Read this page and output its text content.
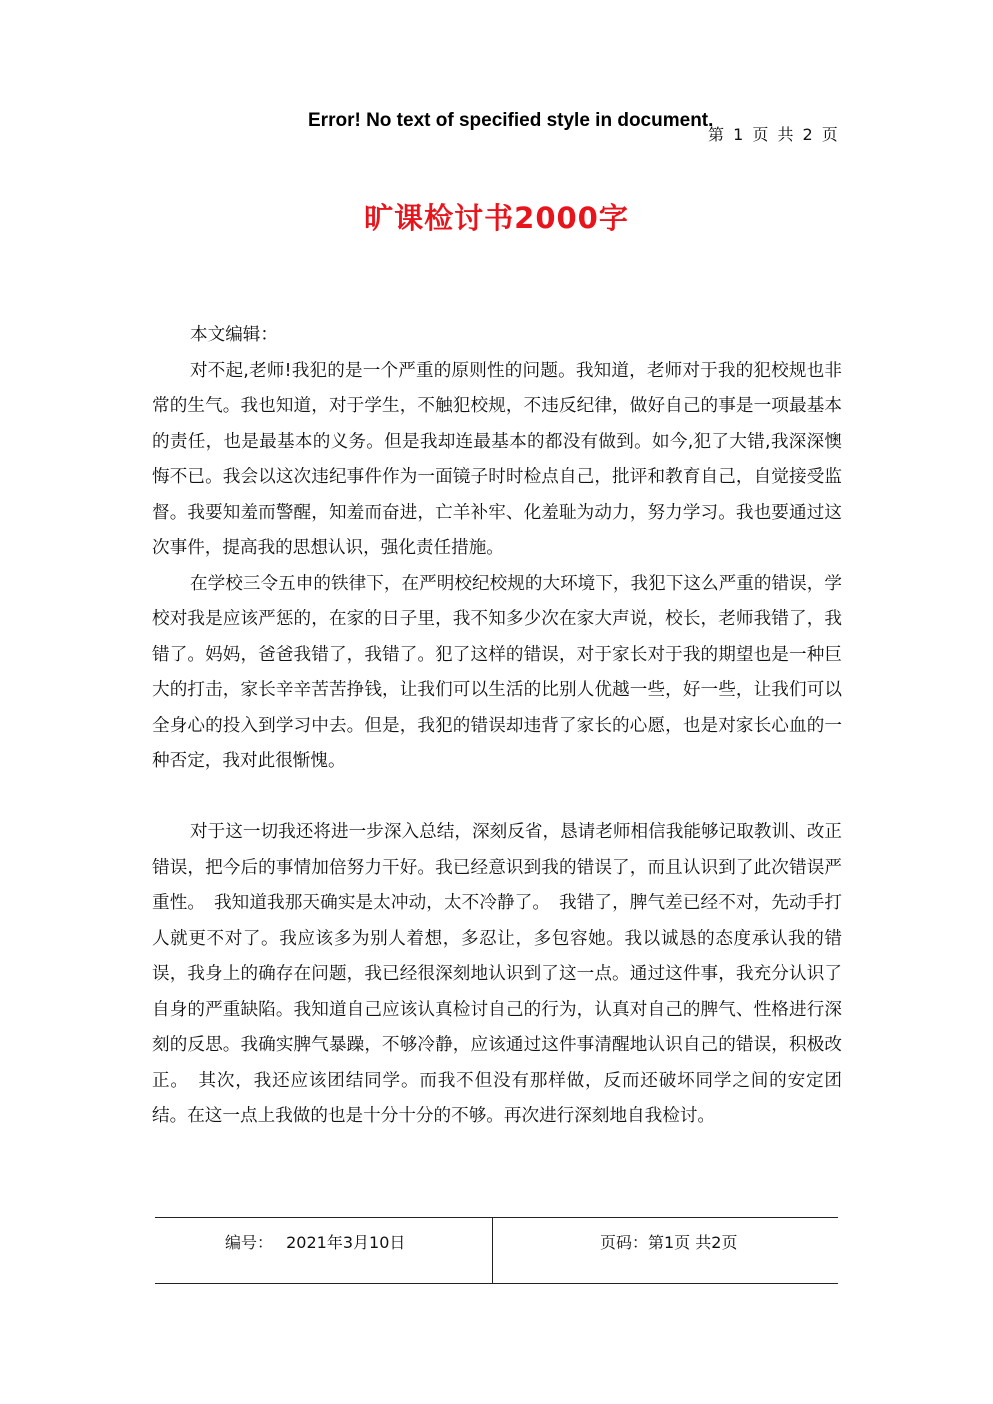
Error! No text of specified style in document.
第 1 页 共 2 页
旷课检讨书2000字

本文编辑：

对不起,老师!我犯的是一个严重的原则性的问题。我知道，老师对于我的犯校规也非常的生气。我也知道，对于学生，不触犯校规，不违反纪律，做好自己的事是一项最基本的责任，也是最基本的义务。但是我却连最基本的都没有做到。如今,犯了大错,我深深懊悔不已。我会以这次违纪事件作为一面镜子时时检点自己，批评和教育自己，自觉接受监督。我要知羞而警醒，知羞而奋进，亡羊补牢、化羞耻为动力，努力学习。我也要通过这次事件，提高我的思想认识，强化责任措施。

在学校三令五申的铁律下，在严明校纪校规的大环境下，我犯下这么严重的错误，学校对我是应该严惩的，在家的日子里，我不知多少次在家大声说，校长，老师我错了，我错了。妈妈，爸爸我错了，我错了。犯了这样的错误，对于家长对于我的期望也是一种巨大的打击，家长辛辛苦苦挣钱，让我们可以生活的比别人优越一些，好一些，让我们可以全身心的投入到学习中去。但是，我犯的错误却违背了家长的心愿，也是对家长心血的一种否定，我对此很惭愧。

对于这一切我还将进一步深入总结，深刻反省，恳请老师相信我能够记取教训、改正错误，把今后的事情加倍努力干好。我已经意识到我的错误了，而且认识到了此次错误严重性。　我知道我那天确实是太冲动，太不冷静了。　我错了，脾气差已经不对，先动手打人就更不对了。我应该多为别人着想，多忍让，多包容她。我以诚恳的态度承认我的错误，我身上的确存在问题，我已经很深刻地认识到了这一点。通过这件事，我充分认识了自身的严重缺陷。我知道自己应该认真检讨自己的行为，认真对自己的脾气、性格进行深刻的反思。我确实脾气暴躁，不够冷静，应该通过这件事清醒地认识自己的错误，积极改正。　其次，我还应该团结同学。而我不但没有那样做，反而还破坏同学之间的安定团结。在这一点上我做的也是十分十分的不够。再次进行深刻地自我检讨。

编号： 2021年3月10日	页码：第1页 共2页
